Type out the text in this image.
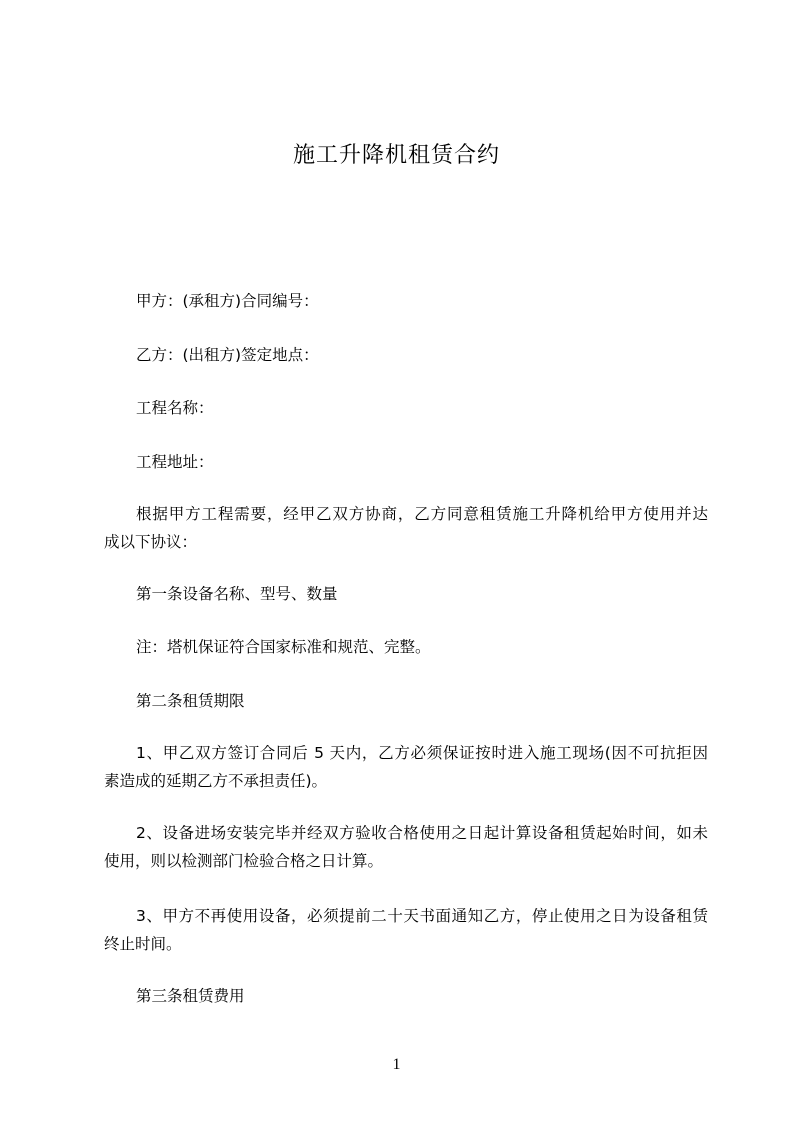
施工升降机租赁合约
甲方：(承租方)合同编号：
乙方：(出租方)签定地点：
工程名称：
工程地址：
根据甲方工程需要，经甲乙双方协商，乙方同意租赁施工升降机给甲方使用并达
成以下协议：
第一条设备名称、型号、数量
注：塔机保证符合国家标准和规范、完整。
第二条租赁期限
1、甲乙双方签订合同后 5 天内，乙方必须保证按时进入施工现场(因不可抗拒因
素造成的延期乙方不承担责任)。
2、设备进场安装完毕并经双方验收合格使用之日起计算设备租赁起始时间，如未
使用，则以检测部门检验合格之日计算。
3、甲方不再使用设备，必须提前二十天书面通知乙方，停止使用之日为设备租赁
终止时间。
第三条租赁费用
1
